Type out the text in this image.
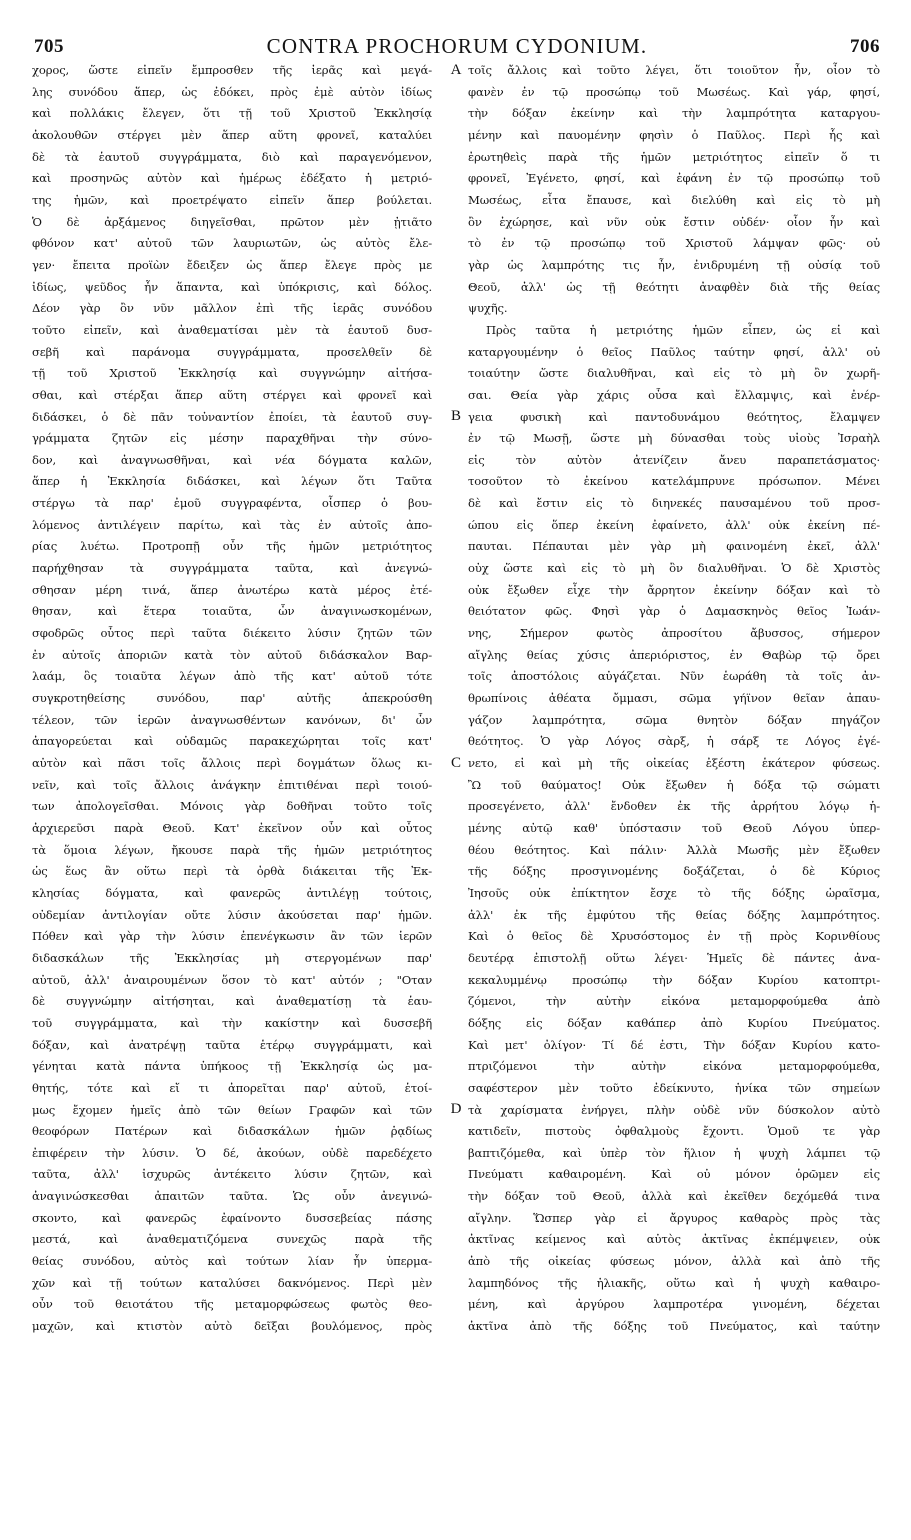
705	CONTRA PROCHORUM CYDONIUM.	706

χορος, ὥστε εἰπεῖν ἔμπροσθεν τῆς ἱερᾶς καὶ μεγά-

λης συνόδου ἅπερ, ὡς ἐδόκει, πρὸς ἐμὲ αὐτὸν ἰδίως

καὶ πολλάκις ἔλεγεν, ὅτι τῇ τοῦ Χριστοῦ Ἐκκλησίᾳ

ἀκολουθῶν στέργει μὲν ἅπερ αὕτη φρονεῖ, καταλύει

δὲ τὰ ἑαυτοῦ συγγράμματα, διὸ καὶ παραγενόμενον,

καὶ προσηνῶς αὐτὸν καὶ ἡμέρως ἐδέξατο ἡ μετριό-

της ἡμῶν, καὶ προετρέψατο εἰπεῖν ἅπερ βούλεται.

Ὁ δὲ ἀρξάμενος διηγεῖσθαι, πρῶτον μὲν ᾐτιᾶτο

φθόνον κατ' αὐτοῦ τῶν λαυριωτῶν, ὡς αὐτὸς ἔλε-

γεν· ἔπειτα προϊὼν ἔδειξεν ὡς ἅπερ ἔλεγε πρὸς με

ἰδίως, ψεῦδος ἦν ἅπαντα, καὶ ὑπόκρισις, καὶ δόλος.

Δέον γὰρ ὂν νῦν μᾶλλον ἐπὶ τῆς ἱερᾶς συνόδου

τοῦτο εἰπεῖν, καὶ ἀναθεματίσαι μὲν τὰ ἑαυτοῦ δυσ-

σεβῆ καὶ παράνομα συγγράμματα, προσελθεῖν δὲ

τῇ τοῦ Χριστοῦ Ἐκκλησίᾳ καὶ συγγνώμην αἰτήσα-

σθαι, καὶ στέρξαι ἅπερ αὕτη στέργει καὶ φρονεῖ καὶ

διδάσκει, ὁ δὲ πᾶν τοὐναντίον ἐποίει, τὰ ἑαυτοῦ συγ-

γράμματα ζητῶν εἰς μέσην παραχθῆναι τὴν σύνο-

δον, καὶ ἀναγνωσθῆναι, καὶ νέα δόγματα καλῶν,

ἅπερ ἡ Ἐκκλησία διδάσκει, καὶ λέγων ὅτι Ταῦτα

στέργω τὰ παρ' ἐμοῦ συγγραφέντα, οἷσπερ ὁ βου-

λόμενος ἀντιλέγειν παρίτω, καὶ τὰς ἐν αὐτοῖς ἀπο-

ρίας λυέτω. Προτροπῇ οὖν τῆς ἡμῶν μετριότητος

παρήχθησαν τὰ συγγράμματα ταῦτα, καὶ ἀνεγνώ-

σθησαν μέρη τινά, ἅπερ ἀνωτέρω κατὰ μέρος ἐτέ-

θησαν, καὶ ἕτερα τοιαῦτα, ὧν ἀναγινωσκομένων,

σφοδρῶς οὗτος περὶ ταῦτα διέκειτο λύσιν ζητῶν τῶν

ἐν αὐτοῖς ἀποριῶν κατὰ τὸν αὐτοῦ διδάσκαλον Βαρ-

λαάμ, ὃς τοιαῦτα λέγων ἀπὸ τῆς κατ' αὐτοῦ τότε

συγκροτηθείσης συνόδου, παρ' αὐτῆς ἀπεκρούσθη

τέλεον, τῶν ἱερῶν ἀναγνωσθέντων κανόνων, δι' ὧν

ἀπαγορεύεται καὶ οὐδαμῶς παρακεχώρηται τοῖς κατ'

αὐτὸν καὶ πᾶσι τοῖς ἄλλοις περὶ δογμάτων ὅλως κι-

νεῖν, καὶ τοῖς ἄλλοις ἀνάγκην ἐπιτιθέναι περὶ τοιού-

των ἀπολογεῖσθαι. Μόνοις γὰρ δοθῆναι τοῦτο τοῖς

ἀρχιερεῦσι παρὰ Θεοῦ. Κατ' ἐκεῖνον οὖν καὶ οὗτος

τὰ ὅμοια λέγων, ἤκουσε παρὰ τῆς ἡμῶν μετριότητος

ὡς ἕως ἂν οὕτω περὶ τὰ ὀρθὰ διάκειται τῆς Ἐκ-

κλησίας δόγματα, καὶ φανερῶς ἀντιλέγῃ τούτοις,

οὐδεμίαν ἀντιλογίαν οὔτε λύσιν ἀκούσεται παρ' ἡμῶν.

Πόθεν καὶ γὰρ τὴν λύσιν ἐπενέγκωσιν ἂν τῶν ἱερῶν

διδασκάλων τῆς Ἐκκλησίας μὴ στεργομένων παρ'

αὐτοῦ, ἀλλ' ἀναιρουμένων ὅσον τὸ κατ' αὐτόν ; "Οταν

δὲ συγγνώμην αἰτήσηται, καὶ ἀναθεματίσῃ τὰ ἑαυ-

τοῦ συγγράμματα, καὶ τὴν κακίστην καὶ δυσσεβῆ

δόξαν, καὶ ἀνατρέψῃ ταῦτα ἑτέρῳ συγγράμματι, καὶ

γένηται κατὰ πάντα ὑπήκοος τῇ Ἐκκλησίᾳ ὡς μα-

θητής, τότε καὶ εἴ τι ἀπορεῖται παρ' αὐτοῦ, ἑτοί-

μως ἔχομεν ἡμεῖς ἀπὸ τῶν θείων Γραφῶν καὶ τῶν

θεοφόρων Πατέρων καὶ διδασκάλων ἡμῶν ῥᾳδίως

ἐπιφέρειν τὴν λύσιν. Ὁ δέ, ἀκούων, οὐδὲ παρεδέχετο

ταῦτα, ἀλλ' ἰσχυρῶς ἀντέκειτο λύσιν ζητῶν, καὶ

ἀναγινώσκεσθαι ἀπαιτῶν ταῦτα. Ὡς οὖν ἀνεγινώ-

σκοντο, καὶ φανερῶς ἐφαίνοντο δυσσεβείας πάσης

μεστά, καὶ ἀναθεματιζόμενα συνεχῶς παρὰ τῆς

θείας συνόδου, αὐτὸς καὶ τούτων λίαν ἦν ὑπερμα-

χῶν καὶ τῇ τούτων καταλύσει δακνόμενος. Περὶ μὲν

οὖν τοῦ θειοτάτου τῆς μεταμορφώσεως φωτὸς θεο-

μαχῶν, καὶ κτιστὸν αὐτὸ δεῖξαι βουλόμενος, πρὸς

τοῖς ἄλλοις καὶ τοῦτο λέγει, ὅτι τοιοῦτον ἦν, οἷον τὸ

φανὲν ἐν τῷ προσώπῳ τοῦ Μωσέως. Καὶ γάρ, φησί,

τὴν δόξαν ἐκείνην καὶ τὴν λαμπρότητα καταργου-

μένην καὶ παυομένην φησὶν ὁ Παῦλος. Περὶ ἧς καὶ

ἐρωτηθεὶς παρὰ τῆς ἡμῶν μετριότητος εἰπεῖν ὅ τι

φρονεῖ, Ἐγένετο, φησί, καὶ ἐφάνη ἐν τῷ προσώπῳ τοῦ

Μωσέως, εἶτα ἔπαυσε, καὶ διελύθη καὶ εἰς τὸ μὴ

ὂν ἐχώρησε, καὶ νῦν οὐκ ἔστιν οὐδέν· οἷον ἦν καὶ

τὸ ἐν τῷ προσώπῳ τοῦ Χριστοῦ λάμψαν φῶς· οὐ

γὰρ ὡς λαμπρότης τις ἦν, ἐνιδρυμένη τῇ οὐσίᾳ τοῦ

Θεοῦ, ἀλλ' ὡς τῇ θεότητι ἀναφθὲν διὰ τῆς θείας

ψυχῆς.

Πρὸς ταῦτα ἡ μετριότης ἡμῶν εἶπεν, ὡς εἰ καὶ

καταργουμένην ὁ θεῖος Παῦλος ταύτην φησί, ἀλλ' οὐ

τοιαύτην ὥστε διαλυθῆναι, καὶ εἰς τὸ μὴ ὂν χωρῆ-

σαι. Θεία γὰρ χάρις οὖσα καὶ ἔλλαμψις, καὶ ἐνέρ-

γεια φυσικὴ καὶ παντοδυνάμου θεότητος, ἔλαμψεν

ἐν τῷ Μωσῇ, ὥστε μὴ δύνασθαι τοὺς υἱοὺς Ἰσραὴλ

εἰς τὸν αὐτὸν ἀτενίζειν ἄνευ παραπετάσματος·

τοσοῦτον τὸ ἐκείνου κατελάμπρυνε πρόσωπον. Μένει

δὲ καὶ ἔστιν εἰς τὸ διηνεκές παυσαμένου τοῦ προσ-

ώπου εἰς ὅπερ ἐκείνη ἐφαίνετο, ἀλλ' οὐκ ἐκείνη πέ-

παυται. Πέπαυται μὲν γὰρ μὴ φαινομένη ἐκεῖ, ἀλλ'

οὐχ ὥστε καὶ εἰς τὸ μὴ ὂν διαλυθῆναι. Ὁ δὲ Χριστὸς

οὐκ ἔξωθεν εἶχε τὴν ἄρρητον ἐκείνην δόξαν καὶ τὸ

θειότατον φῶς. Φησὶ γὰρ ὁ Δαμασκηνὸς θεῖος Ἰωάν-

νης, Σήμερον φωτὸς ἀπροσίτου ἄβυσσος, σήμερον

αἴγλης θείας χύσις ἀπεριόριστος, ἐν Θαβὼρ τῷ ὄρει

τοῖς ἀποστόλοις αὐγάζεται. Νῦν ἑωράθη τὰ τοῖς ἀν-

θρωπίνοις ἀθέατα ὄμμασι, σῶμα γήϊνον θεῖαν ἀπαυ-

γάζον λαμπρότητα, σῶμα θνητὸν δόξαν πηγάζον

θεότητος. Ὁ γὰρ Λόγος σὰρξ, ἡ σάρξ τε Λόγος ἐγέ-

νετο, εἰ καὶ μὴ τῆς οἰκείας ἐξέστη ἑκάτερον φύσεως.

Ὢ τοῦ θαύματος! Οὐκ ἔξωθεν ἡ δόξα τῷ σώματι

προσεγένετο, ἀλλ' ἔνδοθεν ἐκ τῆς ἀρρήτου λόγῳ ἡ-

μένης αὐτῷ καθ' ὑπόστασιν τοῦ Θεοῦ Λόγου ὑπερ-

θέου θεότητος. Καὶ πάλιν· Ἀλλὰ Μωσῆς μὲν ἔξωθεν

τῆς δόξης προσγινομένης δοξάζεται, ὁ δὲ Κύριος

Ἰησοῦς οὐκ ἐπίκτητον ἔσχε τὸ τῆς δόξης ὡραῖσμα,

ἀλλ' ἐκ τῆς ἐμφύτου τῆς θείας δόξης λαμπρότητος.

Καὶ ὁ θεῖος δὲ Χρυσόστομος ἐν τῇ πρὸς Κορινθίους

δευτέρᾳ ἐπιστολῇ οὕτω λέγει· Ἡμεῖς δὲ πάντες ἀνα-

κεκαλυμμένῳ προσώπῳ τὴν δόξαν Κυρίου κατοπτρι-

ζόμενοι, τὴν αὐτὴν εἰκόνα μεταμορφούμεθα ἀπὸ

δόξης εἰς δόξαν καθάπερ ἀπὸ Κυρίου Πνεύματος.

Καὶ μετ' ὀλίγον· Τί δέ ἐστι, Τὴν δόξαν Κυρίου κατο-

πτριζόμενοι τὴν αὐτὴν εἰκόνα μεταμορφούμεθα,

σαφέστερον μὲν τοῦτο ἐδείκνυτο, ἡνίκα τῶν σημείων

τὰ χαρίσματα ἐνήργει, πλὴν οὐδὲ νῦν δύσκολον αὐτὸ

κατιδεῖν, πιστοὺς ὀφθαλμοὺς ἔχοντι. Ὁμοῦ τε γὰρ

βαπτιζόμεθα, καὶ ὑπὲρ τὸν ἥλιον ἡ ψυχὴ λάμπει τῷ

Πνεύματι καθαιρομένη. Καὶ οὐ μόνον ὁρῶμεν εἰς

τὴν δόξαν τοῦ Θεοῦ, ἀλλὰ καὶ ἐκεῖθεν δεχόμεθά τινα

αἴγλην. Ὥσπερ γὰρ εἰ ἄργυρος καθαρὸς πρὸς τὰς

ἀκτῖνας κείμενος καὶ αὐτὸς ἀκτῖνας ἐκπέμψειεν, οὐκ

ἀπὸ τῆς οἰκείας φύσεως μόνον, ἀλλὰ καὶ ἀπὸ τῆς

λαμπηδόνος τῆς ἡλιακῆς, οὕτω καὶ ἡ ψυχὴ καθαιρο-

μένη, καὶ ἀργύρου λαμπροτέρα γινομένη, δέχεται

ἀκτῖνα ἀπὸ τῆς δόξης τοῦ Πνεύματος, καὶ ταύτην

A
B
C
D
